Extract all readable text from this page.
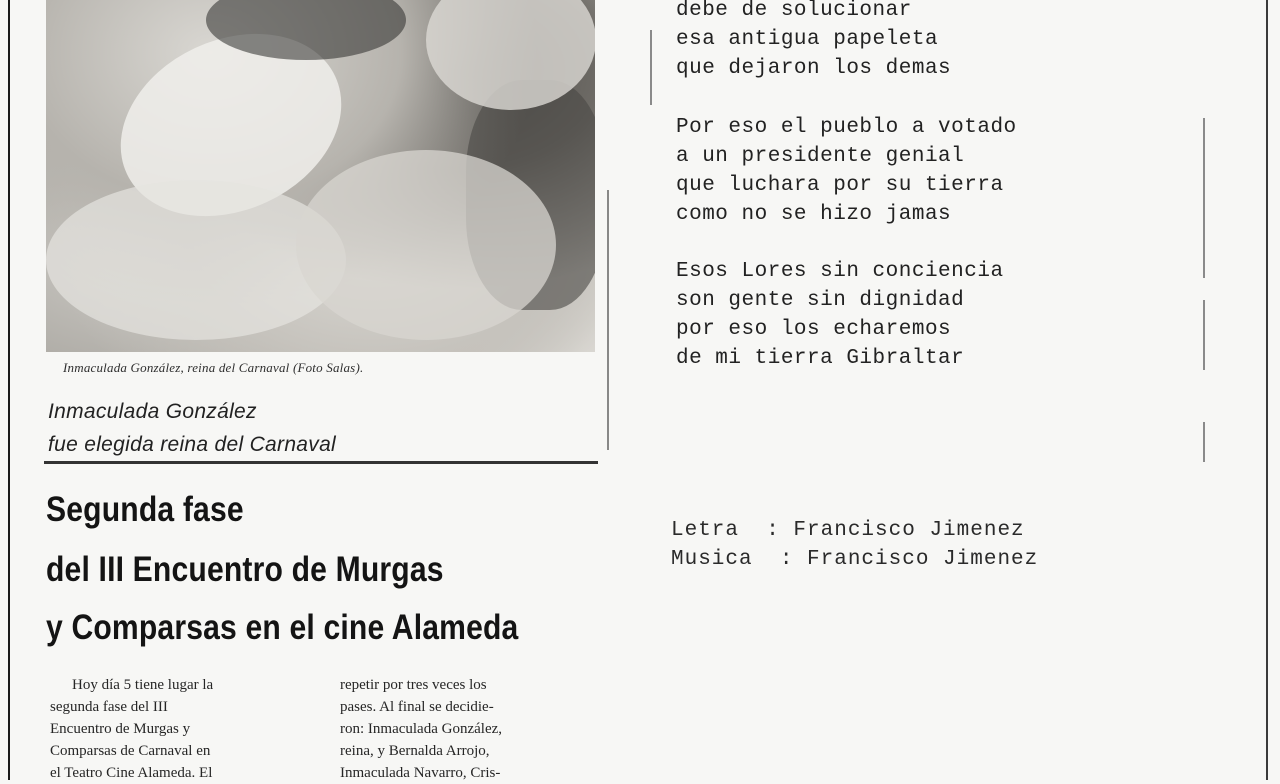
Inmaculada González, reina del Carnaval (Foto Salas).
Inmaculada González
fue elegida reina del Carnaval
Segunda fase
del III Encuentro de Murgas
y Comparsas en el cine Alameda
Hoy día 5 tiene lugar la
segunda fase del III
Encuentro de Murgas y
Comparsas de Carnaval en
el Teatro Cine Alameda. El
repetir por tres veces los
pases. Al final se decidie-
ron: Inmaculada González,
reina, y Bernalda Arrojo,
Inmaculada Navarro, Cris-
debe de solucionar
esa antigua papeleta
que dejaron los demas
Por eso el pueblo a votado
a un presidente genial
que luchara por su tierra
como no se hizo jamas
Esos Lores sin conciencia
son gente sin dignidad
por eso los echaremos
de mi tierra Gibraltar
Letra  : Francisco Jimenez
Musica  : Francisco Jimenez
